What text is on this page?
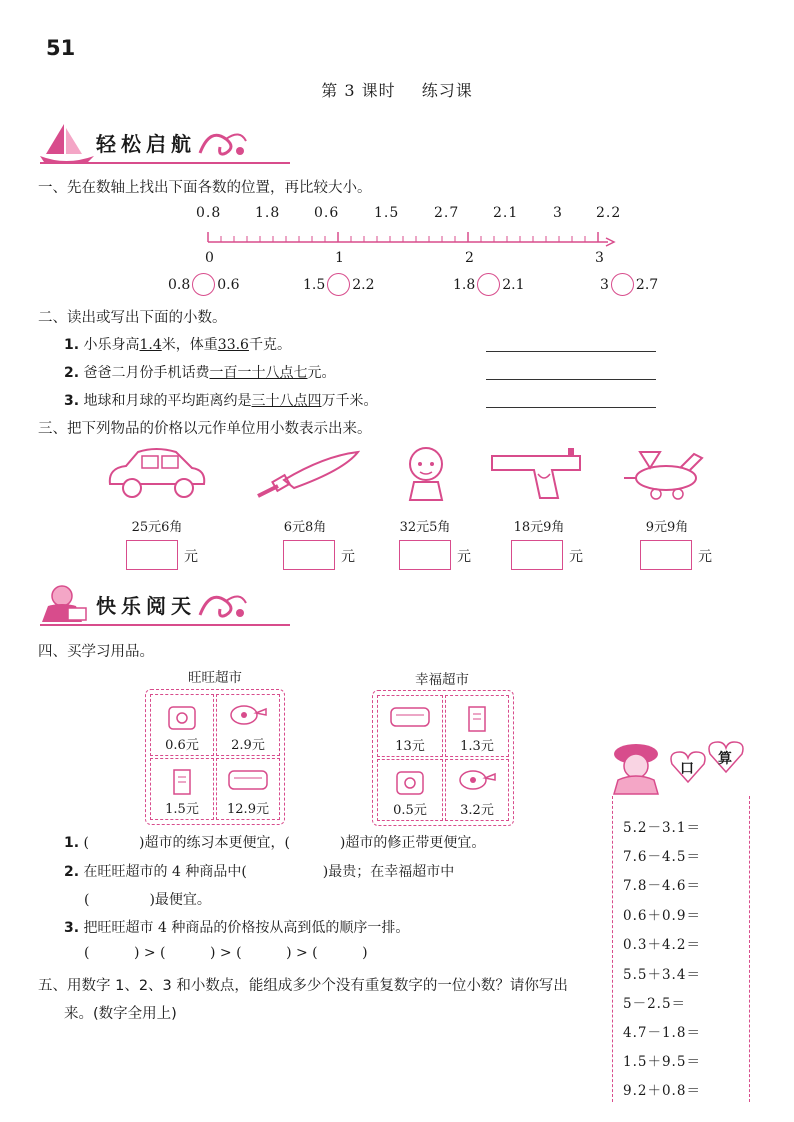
51
第 3 课时 练习课
轻松启航
一、先在数轴上找出下面各数的位置，再比较大小。
0.8 1.8 0.6 1.5 2.7 2.1 3 2.2
0	1	2	3
0.8 0.6	1.5 2.2	1.8 2.1	3 2.7
二、读出或写出下面的小数。
1. 小乐身高1.4米，体重33.6千克。
2. 爸爸二月份手机话费一百一十八点七元。
3. 地球和月球的平均距离约是三十八点四万千米。
三、把下列物品的价格以元作单位用小数表示出来。
25元6角	6元8角	32元5角	18元9角	9元9角
元	元	元	元	元
快乐阅天
四、买学习用品。
旺旺超市	幸福超市
0.6元	2.9元
1.5元	12.9元
13元	1.3元
0.5元	3.2元
1. (	)超市的练习本更便宜，(	)超市的修正带更便宜。
2. 在旺旺超市的 4 种商品中(	)最贵；在幸福超市中
(	)最便宜。
3. 把旺旺超市 4 种商品的价格按从高到低的顺序一排。
(          ) > (          ) > (          ) > (          )
五、用数字 1、2、3 和小数点，能组成多少个没有重复数字的一位小数？请你写出
来。(数字全用上)
口
算
5.2－3.1＝
7.6－4.5＝
7.8－4.6＝
0.6＋0.9＝
0.3＋4.2＝
5.5＋3.4＝
5－2.5＝
4.7－1.8＝
1.5＋9.5＝
9.2＋0.8＝
